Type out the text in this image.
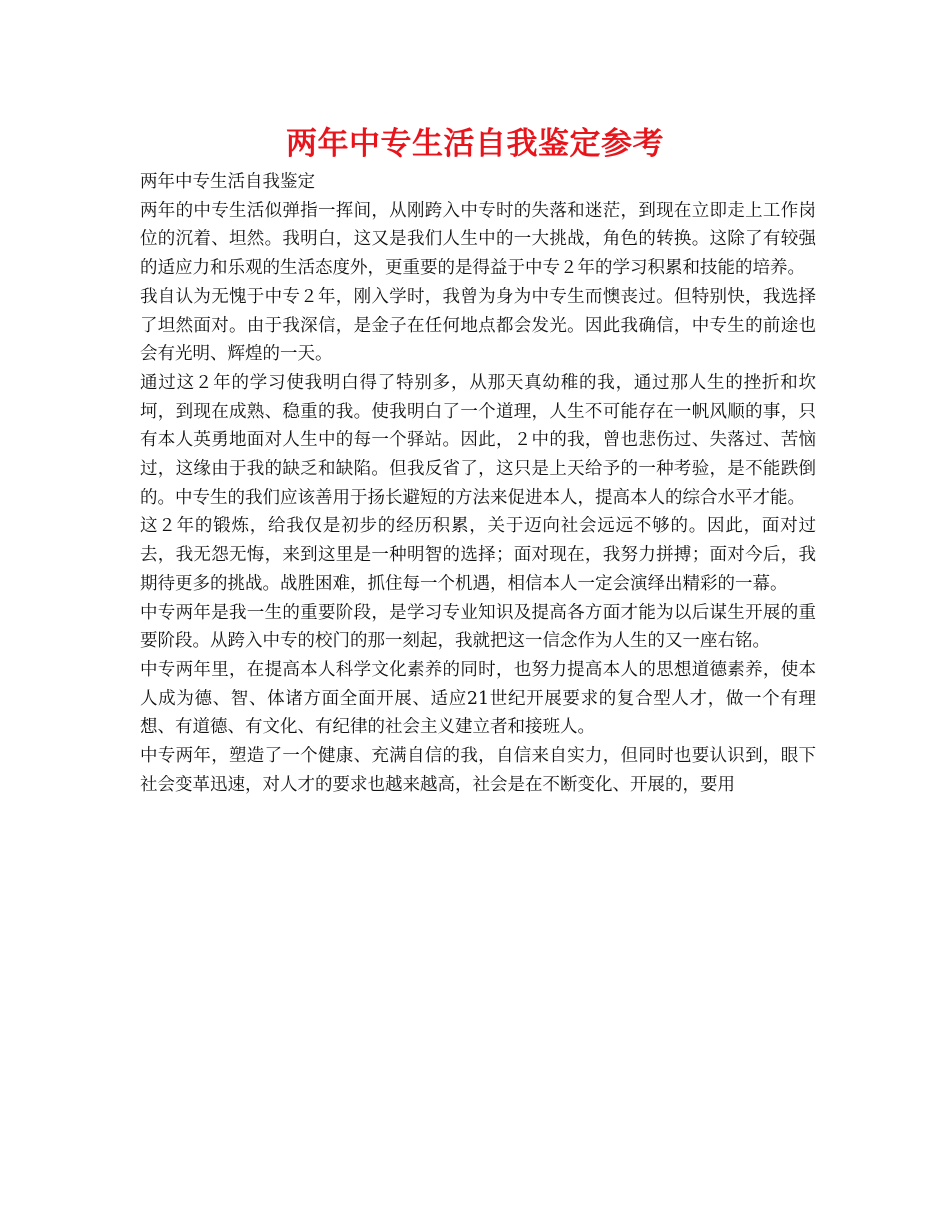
两年中专生活自我鉴定参考

两年中专生活自我鉴定

两年的中专生活似弹指一挥间，从刚跨入中专时的失落和迷茫，到现在立即走上工作岗位的沉着、坦然。我明白，这又是我们人生中的一大挑战，角色的转换。这除了有较强的适应力和乐观的生活态度外，更重要的是得益于中专２年的学习积累和技能的培养。

我自认为无愧于中专２年，刚入学时，我曾为身为中专生而懊丧过。但特别快，我选择了坦然面对。由于我深信，是金子在任何地点都会发光。因此我确信，中专生的前途也会有光明、辉煌的一天。

通过这２年的学习使我明白得了特别多，从那天真幼稚的我，通过那人生的挫折和坎坷，到现在成熟、稳重的我。使我明白了一个道理，人生不可能存在一帆风顺的事，只有本人英勇地面对人生中的每一个驿站。因此，２中的我，曾也悲伤过、失落过、苦恼过，这缘由于我的缺乏和缺陷。但我反省了，这只是上天给予的一种考验，是不能跌倒的。中专生的我们应该善用于扬长避短的方法来促进本人，提高本人的综合水平才能。

这２年的锻炼，给我仅是初步的经历积累，关于迈向社会远远不够的。因此，面对过去，我无怨无悔，来到这里是一种明智的选择；面对现在，我努力拼搏；面对今后，我期待更多的挑战。战胜困难，抓住每一个机遇，相信本人一定会演绎出精彩的一幕。

中专两年是我一生的重要阶段，是学习专业知识及提高各方面才能为以后谋生开展的重要阶段。从跨入中专的校门的那一刻起，我就把这一信念作为人生的又一座右铭。

中专两年里，在提高本人科学文化素养的同时，也努力提高本人的思想道德素养，使本人成为德、智、体诸方面全面开展、适应21世纪开展要求的复合型人才，做一个有理想、有道德、有文化、有纪律的社会主义建立者和接班人。

中专两年，塑造了一个健康、充满自信的我，自信来自实力，但同时也要认识到，眼下社会变革迅速，对人才的要求也越来越高，社会是在不断变化、开展的，要用
